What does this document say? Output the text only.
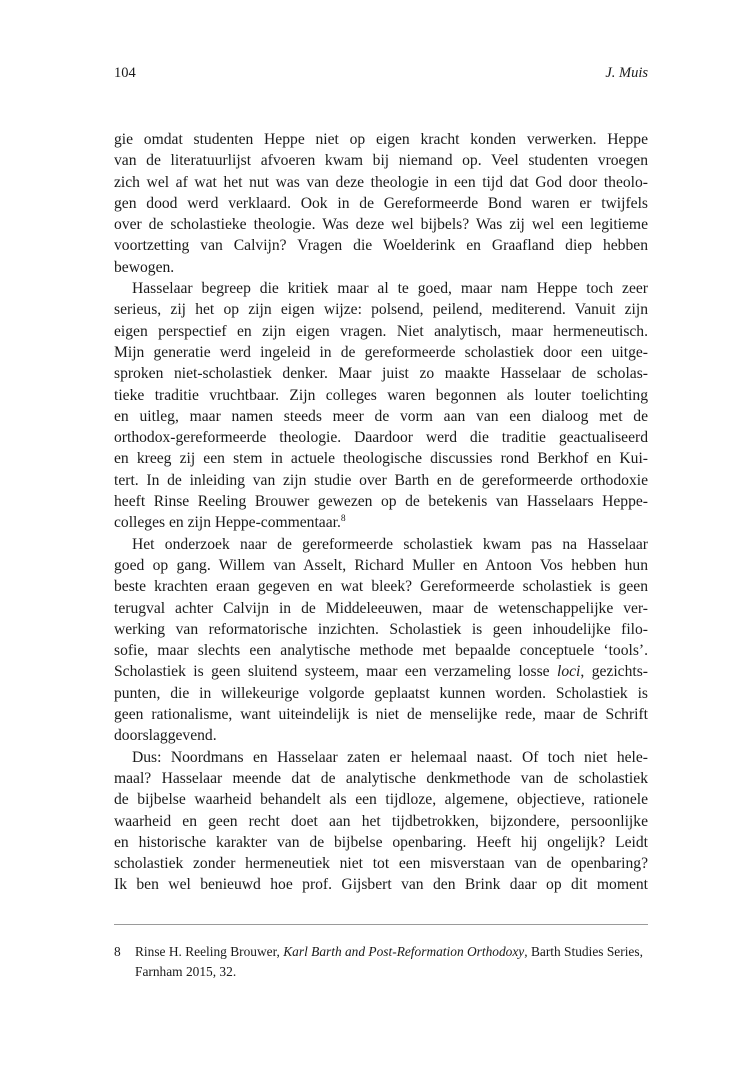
104	J. Muis

gie omdat studenten Heppe niet op eigen kracht konden verwerken. Heppe
van de literatuurlijst afvoeren kwam bij niemand op. Veel studenten vroegen
zich wel af wat het nut was van deze theologie in een tijd dat God door theolo-
gen dood werd verklaard. Ook in de Gereformeerde Bond waren er twijfels
over de scholastieke theologie. Was deze wel bijbels? Was zij wel een legitieme
voortzetting van Calvijn? Vragen die Woelderink en Graafland diep hebben
bewogen.

Hasselaar begreep die kritiek maar al te goed, maar nam Heppe toch zeer
serieus, zij het op zijn eigen wijze: polsend, peilend, mediterend. Vanuit zijn
eigen perspectief en zijn eigen vragen. Niet analytisch, maar hermeneutisch.
Mijn generatie werd ingeleid in de gereformeerde scholastiek door een uitge-
sproken niet-scholastiek denker. Maar juist zo maakte Hasselaar de scholas-
tieke traditie vruchtbaar. Zijn colleges waren begonnen als louter toelichting
en uitleg, maar namen steeds meer de vorm aan van een dialoog met de
orthodox-gereformeerde theologie. Daardoor werd die traditie geactualiseerd
en kreeg zij een stem in actuele theologische discussies rond Berkhof en Kui-
tert. In de inleiding van zijn studie over Barth en de gereformeerde orthodoxie
heeft Rinse Reeling Brouwer gewezen op de betekenis van Hasselaars Heppe-
colleges en zijn Heppe-commentaar.$^8$

Het onderzoek naar de gereformeerde scholastiek kwam pas na Hasselaar
goed op gang. Willem van Asselt, Richard Muller en Antoon Vos hebben hun
beste krachten eraan gegeven en wat bleek? Gereformeerde scholastiek is geen
terugval achter Calvijn in de Middeleeuwen, maar de wetenschappelijke ver-
werking van reformatorische inzichten. Scholastiek is geen inhoudelijke filo-
sofie, maar slechts een analytische methode met bepaalde conceptuele ‘tools’.
Scholastiek is geen sluitend systeem, maar een verzameling losse loci, gezichts-
punten, die in willekeurige volgorde geplaatst kunnen worden. Scholastiek is
geen rationalisme, want uiteindelijk is niet de menselijke rede, maar de Schrift
doorslaggevend.

Dus: Noordmans en Hasselaar zaten er helemaal naast. Of toch niet hele-
maal? Hasselaar meende dat de analytische denkmethode van de scholastiek
de bijbelse waarheid behandelt als een tijdloze, algemene, objectieve, rationele
waarheid en geen recht doet aan het tijdbetrokken, bijzondere, persoonlijke
en historische karakter van de bijbelse openbaring. Heeft hij ongelijk? Leidt
scholastiek zonder hermeneutiek niet tot een misverstaan van de openbaring?
Ik ben wel benieuwd hoe prof. Gijsbert van den Brink daar op dit moment

8 Rinse H. Reeling Brouwer, Karl Barth and Post-Reformation Orthodoxy, Barth Studies Series,
Farnham 2015, 32.
